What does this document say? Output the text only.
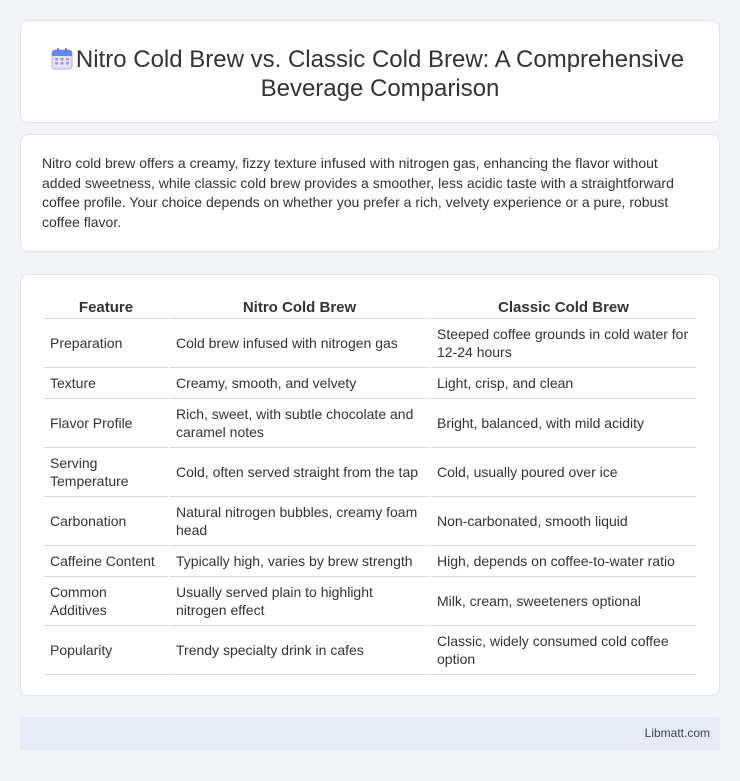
Nitro Cold Brew vs. Classic Cold Brew: A Comprehensive Beverage Comparison

Nitro cold brew offers a creamy, fizzy texture infused with nitrogen gas, enhancing the flavor without added sweetness, while classic cold brew provides a smoother, less acidic taste with a straightforward coffee profile. Your choice depends on whether you prefer a rich, velvety experience or a pure, robust coffee flavor.

Feature	Nitro Cold Brew	Classic Cold Brew
Preparation	Cold brew infused with nitrogen gas	Steeped coffee grounds in cold water for 12-24 hours
Texture	Creamy, smooth, and velvety	Light, crisp, and clean
Flavor Profile	Rich, sweet, with subtle chocolate and caramel notes	Bright, balanced, with mild acidity
Serving Temperature	Cold, often served straight from the tap	Cold, usually poured over ice
Carbonation	Natural nitrogen bubbles, creamy foam head	Non-carbonated, smooth liquid
Caffeine Content	Typically high, varies by brew strength	High, depends on coffee-to-water ratio
Common Additives	Usually served plain to highlight nitrogen effect	Milk, cream, sweeteners optional
Popularity	Trendy specialty drink in cafes	Classic, widely consumed cold coffee option
Libmatt.com
